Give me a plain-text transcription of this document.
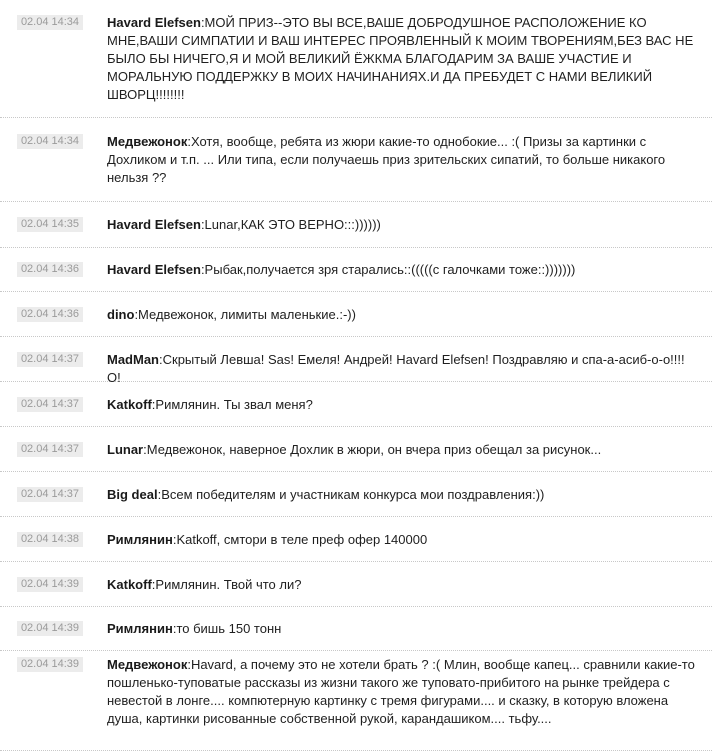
02.04 14:34	Havard Elefsen:МОЙ ПРИЗ--ЭТО ВЫ ВСЕ,ВАШЕ ДОБРОДУШНОЕ РАСПОЛОЖЕНИЕ КО МНЕ,ВАШИ СИМПАТИИ И ВАШ ИНТЕРЕС ПРОЯВЛЕННЫЙ К МОИМ ТВОРЕНИЯМ,БЕЗ ВАС НЕ БЫЛО БЫ НИЧЕГО,Я И МОЙ ВЕЛИКИЙ ЁЖКМА БЛАГОДАРИМ ЗА ВАШЕ УЧАСТИЕ И МОРАЛЬНУЮ ПОДДЕРЖКУ В МОИХ НАЧИНАНИЯХ.И ДА ПРЕБУДЕТ С НАМИ ВЕЛИКИЙ ШВОРЦ!!!!!!!!
02.04 14:34	Медвежонок:Хотя, вообще, ребята из жюри какие-то однобокие... :( Призы за картинки с Дохликом и т.п. ... Или типа, если получаешь приз зрительских сипатий, то больше никакого нельзя ??
02.04 14:35	Havard Elefsen:Lunar,КАК ЭТО ВЕРНО:::))))))
02.04 14:36	Havard Elefsen:Рыбак,получается зря старались::(((((с галочками тоже::)))))))
02.04 14:36	dino:Медвежонок, лимиты маленькие.:-))
02.04 14:37	MadMan:Скрытый Левша! Sas! Емеля! Андрей! Havard Elefsen! Поздравляю и спа-а-асиб-о-о!!!! О!
02.04 14:37	Katkoff:Римлянин. Ты звал меня?
02.04 14:37	Lunar:Медвежонок, наверное Дохлик в жюри, он вчера приз обещал за рисунок...
02.04 14:37	Big deal:Всем победителям и участникам конкурса мои поздравления:))
02.04 14:38	Римлянин:Katkoff, смтори в теле преф офер 140000
02.04 14:39	Katkoff:Римлянин. Твой что ли?
02.04 14:39	Римлянин:то бишь 150 тонн
02.04 14:39	Медвежонок:Havard, а почему это не хотели брать ? :( Млин, вообще капец... сравнили какие-то пошленько-туповатые рассказы из жизни такого же туповато-прибитого на рынке трейдера с невестой в лонге.... компютерную картинку с тремя фигурами.... и сказку, в которую вложена душа, картинки рисованные собственной рукой, карандашиком.... тьфу....
